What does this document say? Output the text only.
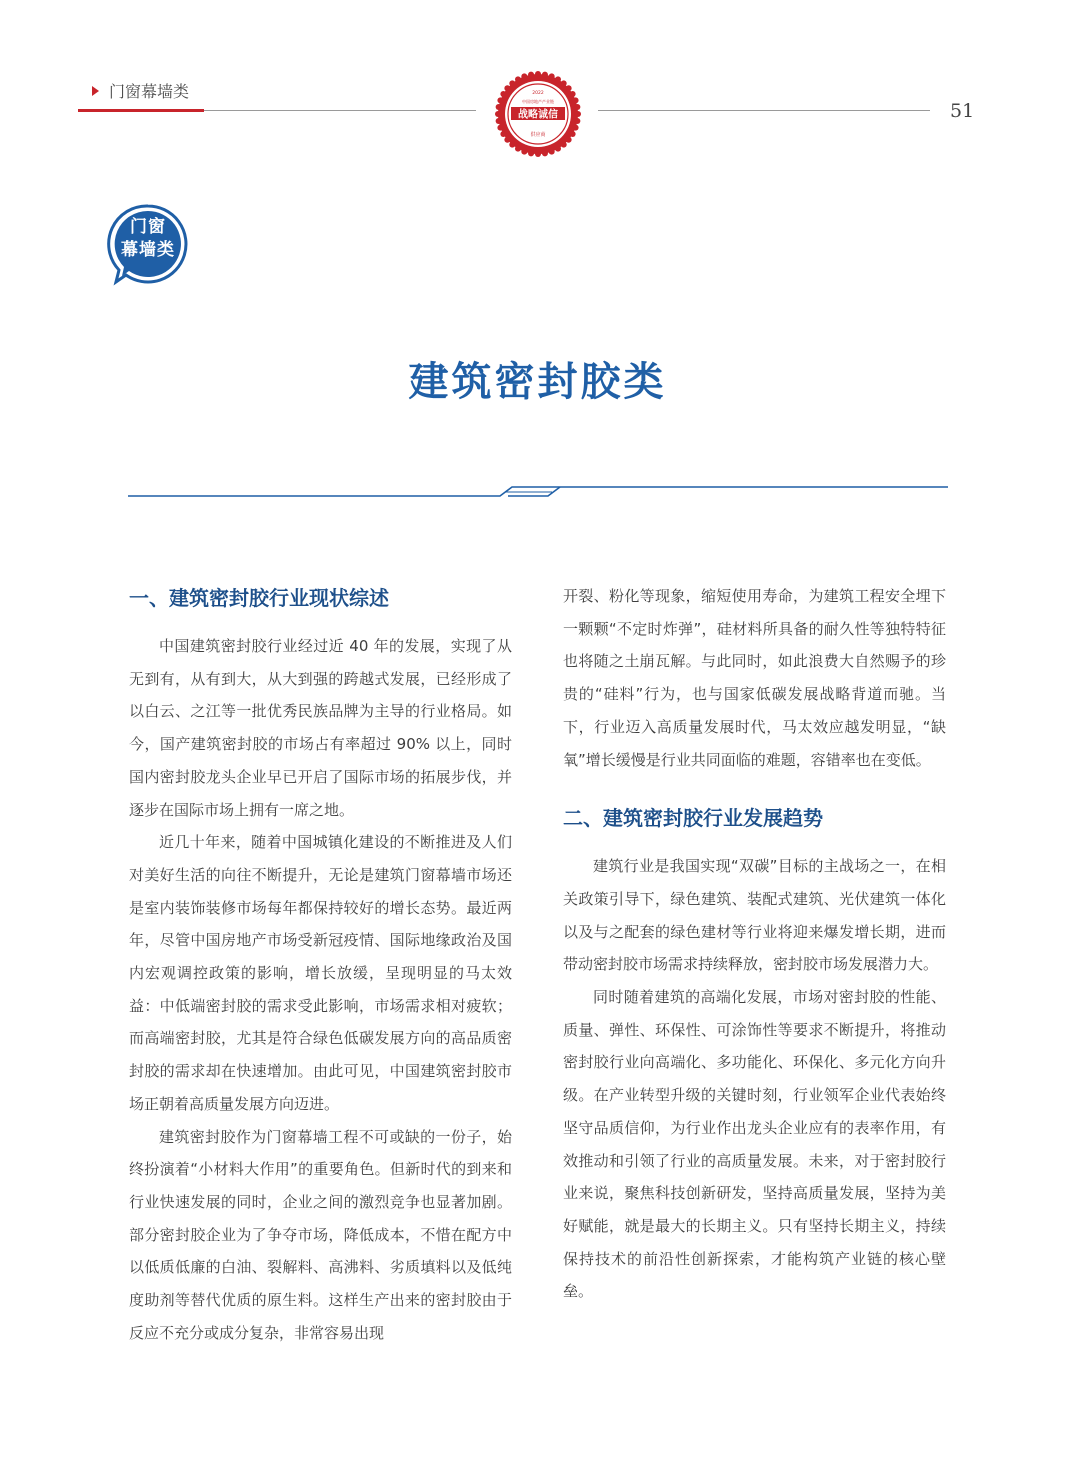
门窗幕墙类
51
2022
中国房地产产业链
战略诚信
供应商
门窗
幕墙类
建筑密封胶类
一、建筑密封胶行业现状综述

中国建筑密封胶行业经过近 40 年的发展，实现了从无到有，从有到大，从大到强的跨越式发展，已经形成了以白云、之江等一批优秀民族品牌为主导的行业格局。如今，国产建筑密封胶的市场占有率超过 90% 以上，同时国内密封胶龙头企业早已开启了国际市场的拓展步伐，并逐步在国际市场上拥有一席之地。

近几十年来，随着中国城镇化建设的不断推进及人们对美好生活的向往不断提升，无论是建筑门窗幕墙市场还是室内装饰装修市场每年都保持较好的增长态势。最近两年，尽管中国房地产市场受新冠疫情、国际地缘政治及国内宏观调控政策的影响，增长放缓，呈现明显的马太效益：中低端密封胶的需求受此影响，市场需求相对疲软；而高端密封胶，尤其是符合绿色低碳发展方向的高品质密封胶的需求却在快速增加。由此可见，中国建筑密封胶市场正朝着高质量发展方向迈进。

建筑密封胶作为门窗幕墙工程不可或缺的一份子，始终扮演着“小材料大作用”的重要角色。但新时代的到来和行业快速发展的同时，企业之间的激烈竞争也显著加剧。部分密封胶企业为了争夺市场，降低成本，不惜在配方中以低质低廉的白油、裂解料、高沸料、劣质填料以及低纯度助剂等替代优质的原生料。这样生产出来的密封胶由于反应不充分或成分复杂，非常容易出现

开裂、粉化等现象，缩短使用寿命，为建筑工程安全埋下一颗颗“不定时炸弹”，硅材料所具备的耐久性等独特特征也将随之土崩瓦解。与此同时，如此浪费大自然赐予的珍贵的“硅料”行为，也与国家低碳发展战略背道而驰。当下，行业迈入高质量发展时代，马太效应越发明显，“缺氧”增长缓慢是行业共同面临的难题，容错率也在变低。

二、建筑密封胶行业发展趋势

建筑行业是我国实现“双碳”目标的主战场之一，在相关政策引导下，绿色建筑、装配式建筑、光伏建筑一体化以及与之配套的绿色建材等行业将迎来爆发增长期，进而带动密封胶市场需求持续释放，密封胶市场发展潜力大。

同时随着建筑的高端化发展，市场对密封胶的性能、质量、弹性、环保性、可涂饰性等要求不断提升，将推动密封胶行业向高端化、多功能化、环保化、多元化方向升级。在产业转型升级的关键时刻，行业领军企业代表始终坚守品质信仰，为行业作出龙头企业应有的表率作用，有效推动和引领了行业的高质量发展。未来，对于密封胶行业来说，聚焦科技创新研发，坚持高质量发展，坚持为美好赋能，就是最大的长期主义。只有坚持长期主义，持续保持技术的前沿性创新探索，才能构筑产业链的核心壁垒。
